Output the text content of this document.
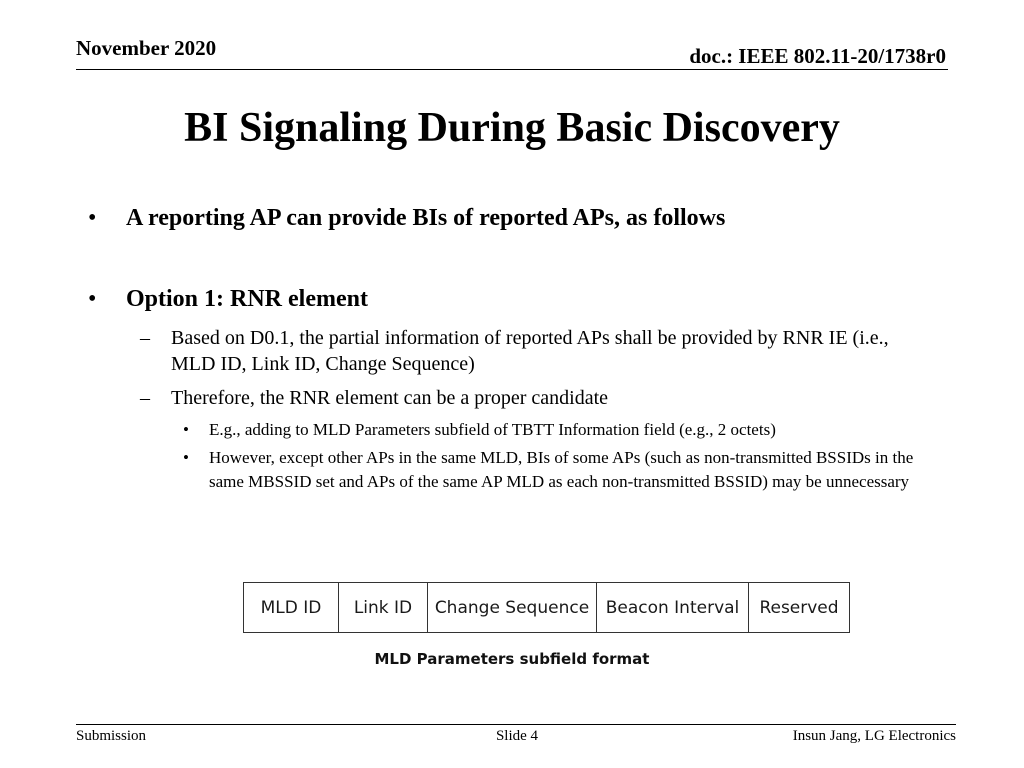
November 2020	doc.: IEEE 802.11-20/1738r0
BI Signaling During Basic Discovery
•	A reporting AP can provide BIs of reported APs, as follows
•	Option 1: RNR element
–	Based on D0.1, the partial information of reported APs shall be provided by RNR IE (i.e., MLD ID, Link ID, Change Sequence)
–	Therefore, the RNR element can be a proper candidate
•	E.g., adding to MLD Parameters subfield of TBTT Information field (e.g., 2 octets)
•	However, except other APs in the same MLD, BIs of some APs (such as non-transmitted BSSIDs in the same MBSSID set and APs of the same AP MLD as each non-transmitted BSSID) may be unnecessary
MLD ID	Link ID	Change Sequence	Beacon Interval	Reserved
MLD Parameters subfield format
Submission	Slide 4	Insun Jang, LG Electronics
